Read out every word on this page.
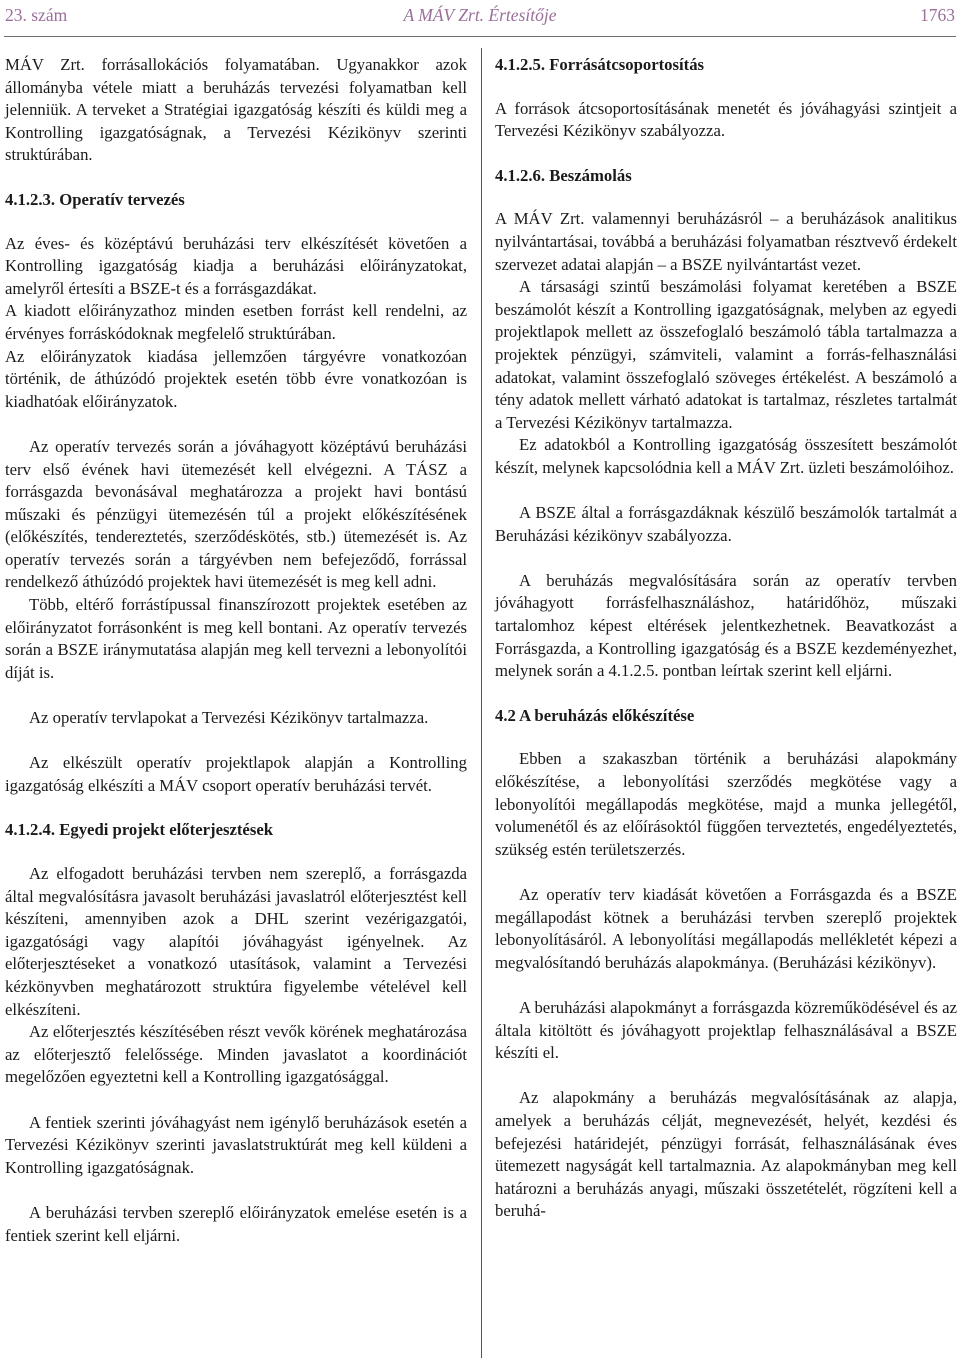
23. szám	A MÁV Zrt. Értesítője	1763

MÁV Zrt. forrásallokációs folyamatában. Ugyanakkor azok állományba vétele miatt a beruházás tervezési folyamatban kell jelenniük. A terveket a Stratégiai igazgatóság készíti és küldi meg a Kontrolling igazgatóságnak, a Tervezési Kézikönyv szerinti struktúrában.

4.1.2.3. Operatív tervezés

Az éves- és középtávú beruházási terv elkészítését követően a Kontrolling igazgatóság kiadja a beruházási előirányzatokat, amelyről értesíti a BSZE-t és a forrásgazdákat.

A kiadott előirányzathoz minden esetben forrást kell rendelni, az érvényes forráskódoknak megfelelő struktúrában.

Az előirányzatok kiadása jellemzően tárgyévre vonatkozóan történik, de áthúzódó projektek esetén több évre vonatkozóan is kiadhatóak előirányzatok.

Az operatív tervezés során a jóváhagyott középtávú beruházási terv első évének havi ütemezését kell elvégezni. A TÁSZ a forrásgazda bevonásával meghatározza a projekt havi bontású műszaki és pénzügyi ütemezésén túl a projekt előkészítésének (előkészítés, tendereztetés, szerződéskötés, stb.) ütemezését is. Az operatív tervezés során a tárgyévben nem befejeződő, forrással rendelkező áthúzódó projektek havi ütemezését is meg kell adni.

Több, eltérő forrástípussal finanszírozott projektek esetében az előirányzatot forrásonként is meg kell bontani. Az operatív tervezés során a BSZE iránymutatása alapján meg kell tervezni a lebonyolítói díját is.

Az operatív tervlapokat a Tervezési Kézikönyv tartalmazza.

Az elkészült operatív projektlapok alapján a Kontrolling igazgatóság elkészíti a MÁV csoport operatív beruházási tervét.

4.1.2.4. Egyedi projekt előterjesztések

Az elfogadott beruházási tervben nem szereplő, a forrásgazda által megvalósításra javasolt beruházási javaslatról előterjesztést kell készíteni, amennyiben azok a DHL szerint vezérigazgatói, igazgatósági vagy alapítói jóváhagyást igényelnek. Az előterjesztéseket a vonatkozó utasítások, valamint a Tervezési kézkönyvben meghatározott struktúra figyelembe vételével kell elkészíteni.

Az előterjesztés készítésében részt vevők körének meghatározása az előterjesztő felelőssége. Minden javaslatot a koordinációt megelőzően egyeztetni kell a Kontrolling igazgatósággal.

A fentiek szerinti jóváhagyást nem igénylő beruházások esetén a Tervezési Kézikönyv szerinti javaslatstruktúrát meg kell küldeni a Kontrolling igazgatóságnak.

A beruházási tervben szereplő előirányzatok emelése esetén is a fentiek szerint kell eljárni.

4.1.2.5. Forrásátcsoportosítás

A források átcsoportosításának menetét és jóváhagyási szintjeit a Tervezési Kézikönyv szabályozza.

4.1.2.6. Beszámolás

A MÁV Zrt. valamennyi beruházásról – a beruházások analitikus nyilvántartásai, továbbá a beruházási folyamatban résztvevő érdekelt szervezet adatai alapján – a BSZE nyilvántartást vezet.

A társasági szintű beszámolási folyamat keretében a BSZE beszámolót készít a Kontrolling igazgatóságnak, melyben az egyedi projektlapok mellett az összefoglaló beszámoló tábla tartalmazza a projektek pénzügyi, számviteli, valamint a forrás-felhasználási adatokat, valamint összefoglaló szöveges értékelést. A beszámoló a tény adatok mellett várható adatokat is tartalmaz, részletes tartalmát a Tervezési Kézikönyv tartalmazza.

Ez adatokból a Kontrolling igazgatóság összesített beszámolót készít, melynek kapcsolódnia kell a MÁV Zrt. üzleti beszámolóihoz.

A BSZE által a forrásgazdáknak készülő beszámolók tartalmát a Beruházási kézikönyv szabályozza.

A beruházás megvalósítására során az operatív tervben jóváhagyott forrásfelhasználáshoz, határidőhöz, műszaki tartalomhoz képest eltérések jelentkezhetnek. Beavatkozást a Forrásgazda, a Kontrolling igazgatóság és a BSZE kezdeményezhet, melynek során a 4.1.2.5. pontban leírtak szerint kell eljárni.

4.2 A beruházás előkészítése

Ebben a szakaszban történik a beruházási alapokmány előkészítése, a lebonyolítási szerződés megkötése vagy a lebonyolítói megállapodás megkötése, majd a munka jellegétől, volumenétől és az előírásoktól függően terveztetés, engedélyeztetés, szükség estén területszerzés.

Az operatív terv kiadását követően a Forrásgazda és a BSZE megállapodást kötnek a beruházási tervben szereplő projektek lebonyolításáról. A lebonyolítási megállapodás mellékletét képezi a megvalósítandó beruházás alapokmánya. (Beruházási kézikönyv).

A beruházási alapokmányt a forrásgazda közreműködésével és az általa kitöltött és jóváhagyott projektlap felhasználásával a BSZE készíti el.

Az alapokmány a beruházás megvalósításának az alapja, amelyek a beruházás célját, megnevezését, helyét, kezdési és befejezési határidejét, pénzügyi forrását, felhasználásának éves ütemezett nagyságát kell tartalmaznia. Az alapokmányban meg kell határozni a beruházás anyagi, műszaki összetételét, rögzíteni kell a beruhá-
